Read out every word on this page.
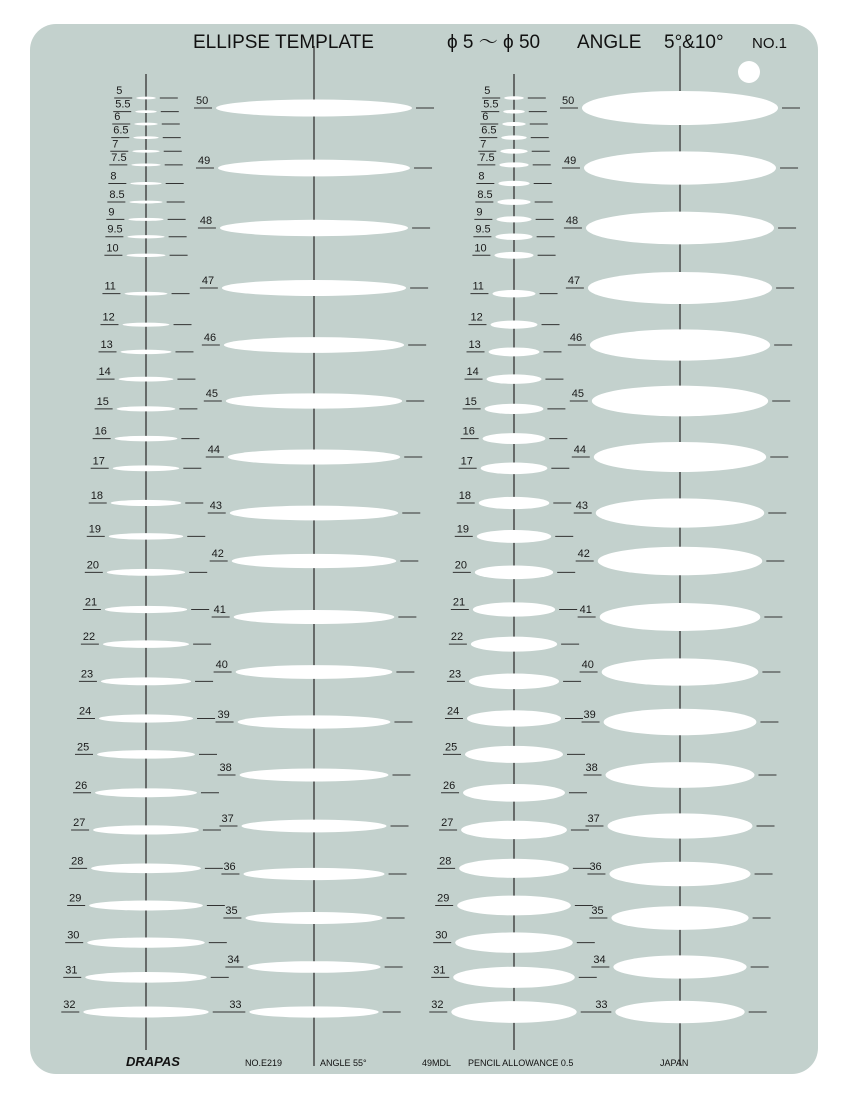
ELLIPSE TEMPLATE	ϕ 5 〜 ϕ 50 ANGLE 5°&10° NO.1
5	5
5.5	5.5
6	6
6.5	6.5
7	7
7.5	7.5
8	8
8.5	8.5
9	9
9.5	9.5
10	10
11	11
12	12
13	13
14	14
15	15
16	16
17	17
18	18
19	19
20	20
21	21
22	22
23	23
24	24
25	25
26	26
27	27
28	28
29	29
30	30
31	31
32	32
50	50
49	49
48	48
47	47
46	46
45	45
44	44
43	43
42	42
41	41
40	40
39	39
38	38
37	37
36	36
35	35
34	34
33	33
DRAPAS	NO.E219	ANGLE 55°	49MDL PENCIL ALLOWANCE 0.5	JAPAN
